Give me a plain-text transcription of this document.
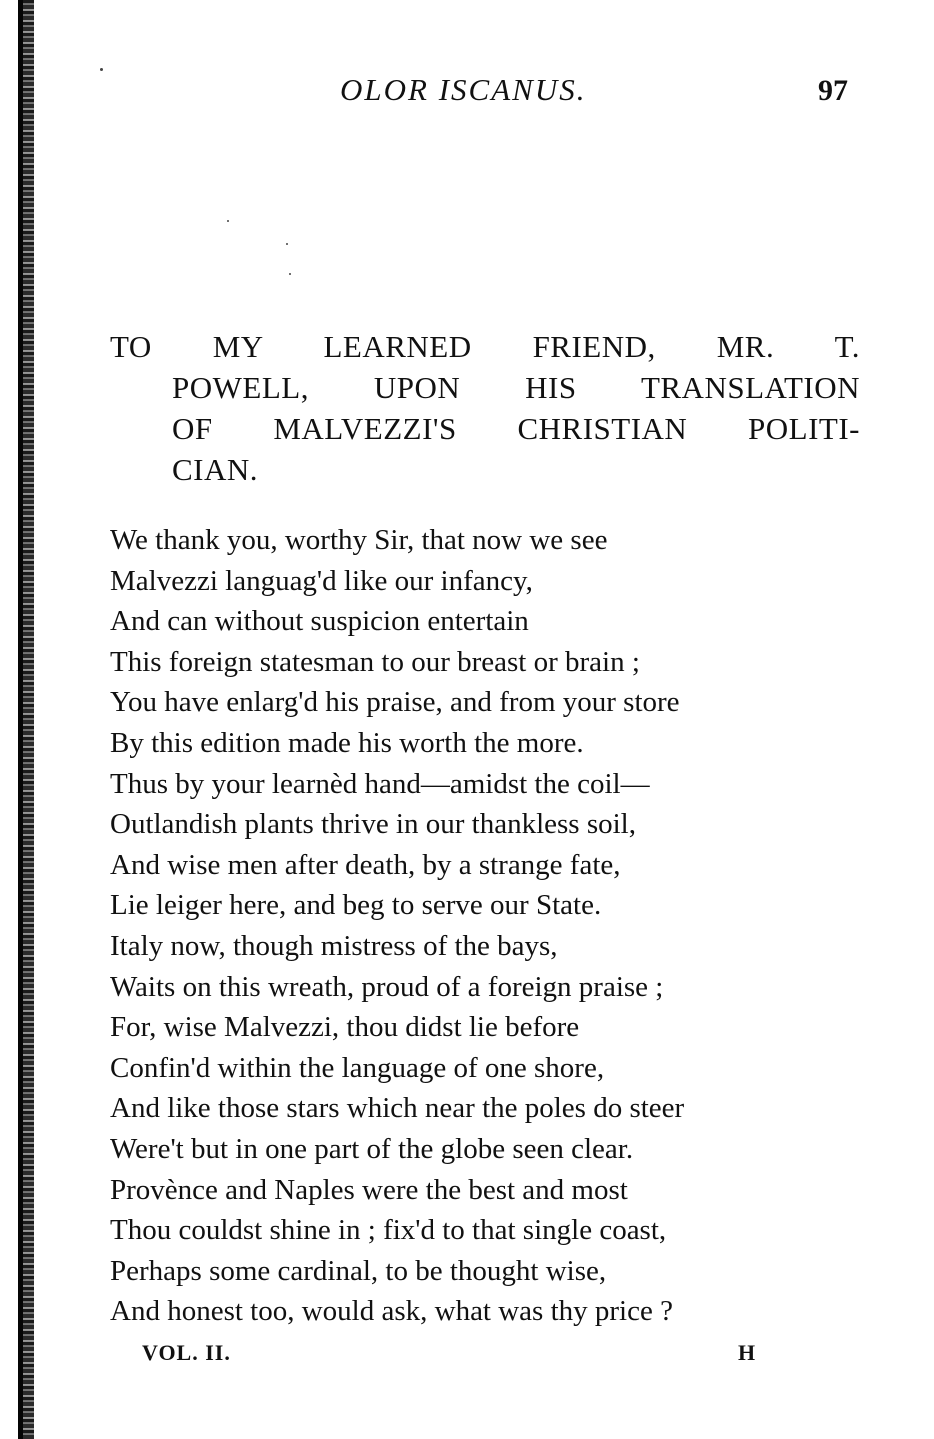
OLOR ISCANUS.	97
TO MY LEARNED FRIEND, MR. T.
POWELL, UPON HIS TRANSLATION
OF MALVEZZI'S CHRISTIAN POLITI-
CIAN.
We thank you, worthy Sir, that now we see
Malvezzi languag'd like our infancy,
And can without suspicion entertain
This foreign statesman to our breast or brain ;
You have enlarg'd his praise, and from your store
By this edition made his worth the more.
Thus by your learnèd hand—amidst the coil—
Outlandish plants thrive in our thankless soil,
And wise men after death, by a strange fate,
Lie leiger here, and beg to serve our State.
Italy now, though mistress of the bays,
Waits on this wreath, proud of a foreign praise ;
For, wise Malvezzi, thou didst lie before
Confin'd within the language of one shore,
And like those stars which near the poles do steer
Were't but in one part of the globe seen clear.
Provènce and Naples were the best and most
Thou couldst shine in ; fix'd to that single coast,
Perhaps some cardinal, to be thought wise,
And honest too, would ask, what was thy price ?
VOL. II.	H
